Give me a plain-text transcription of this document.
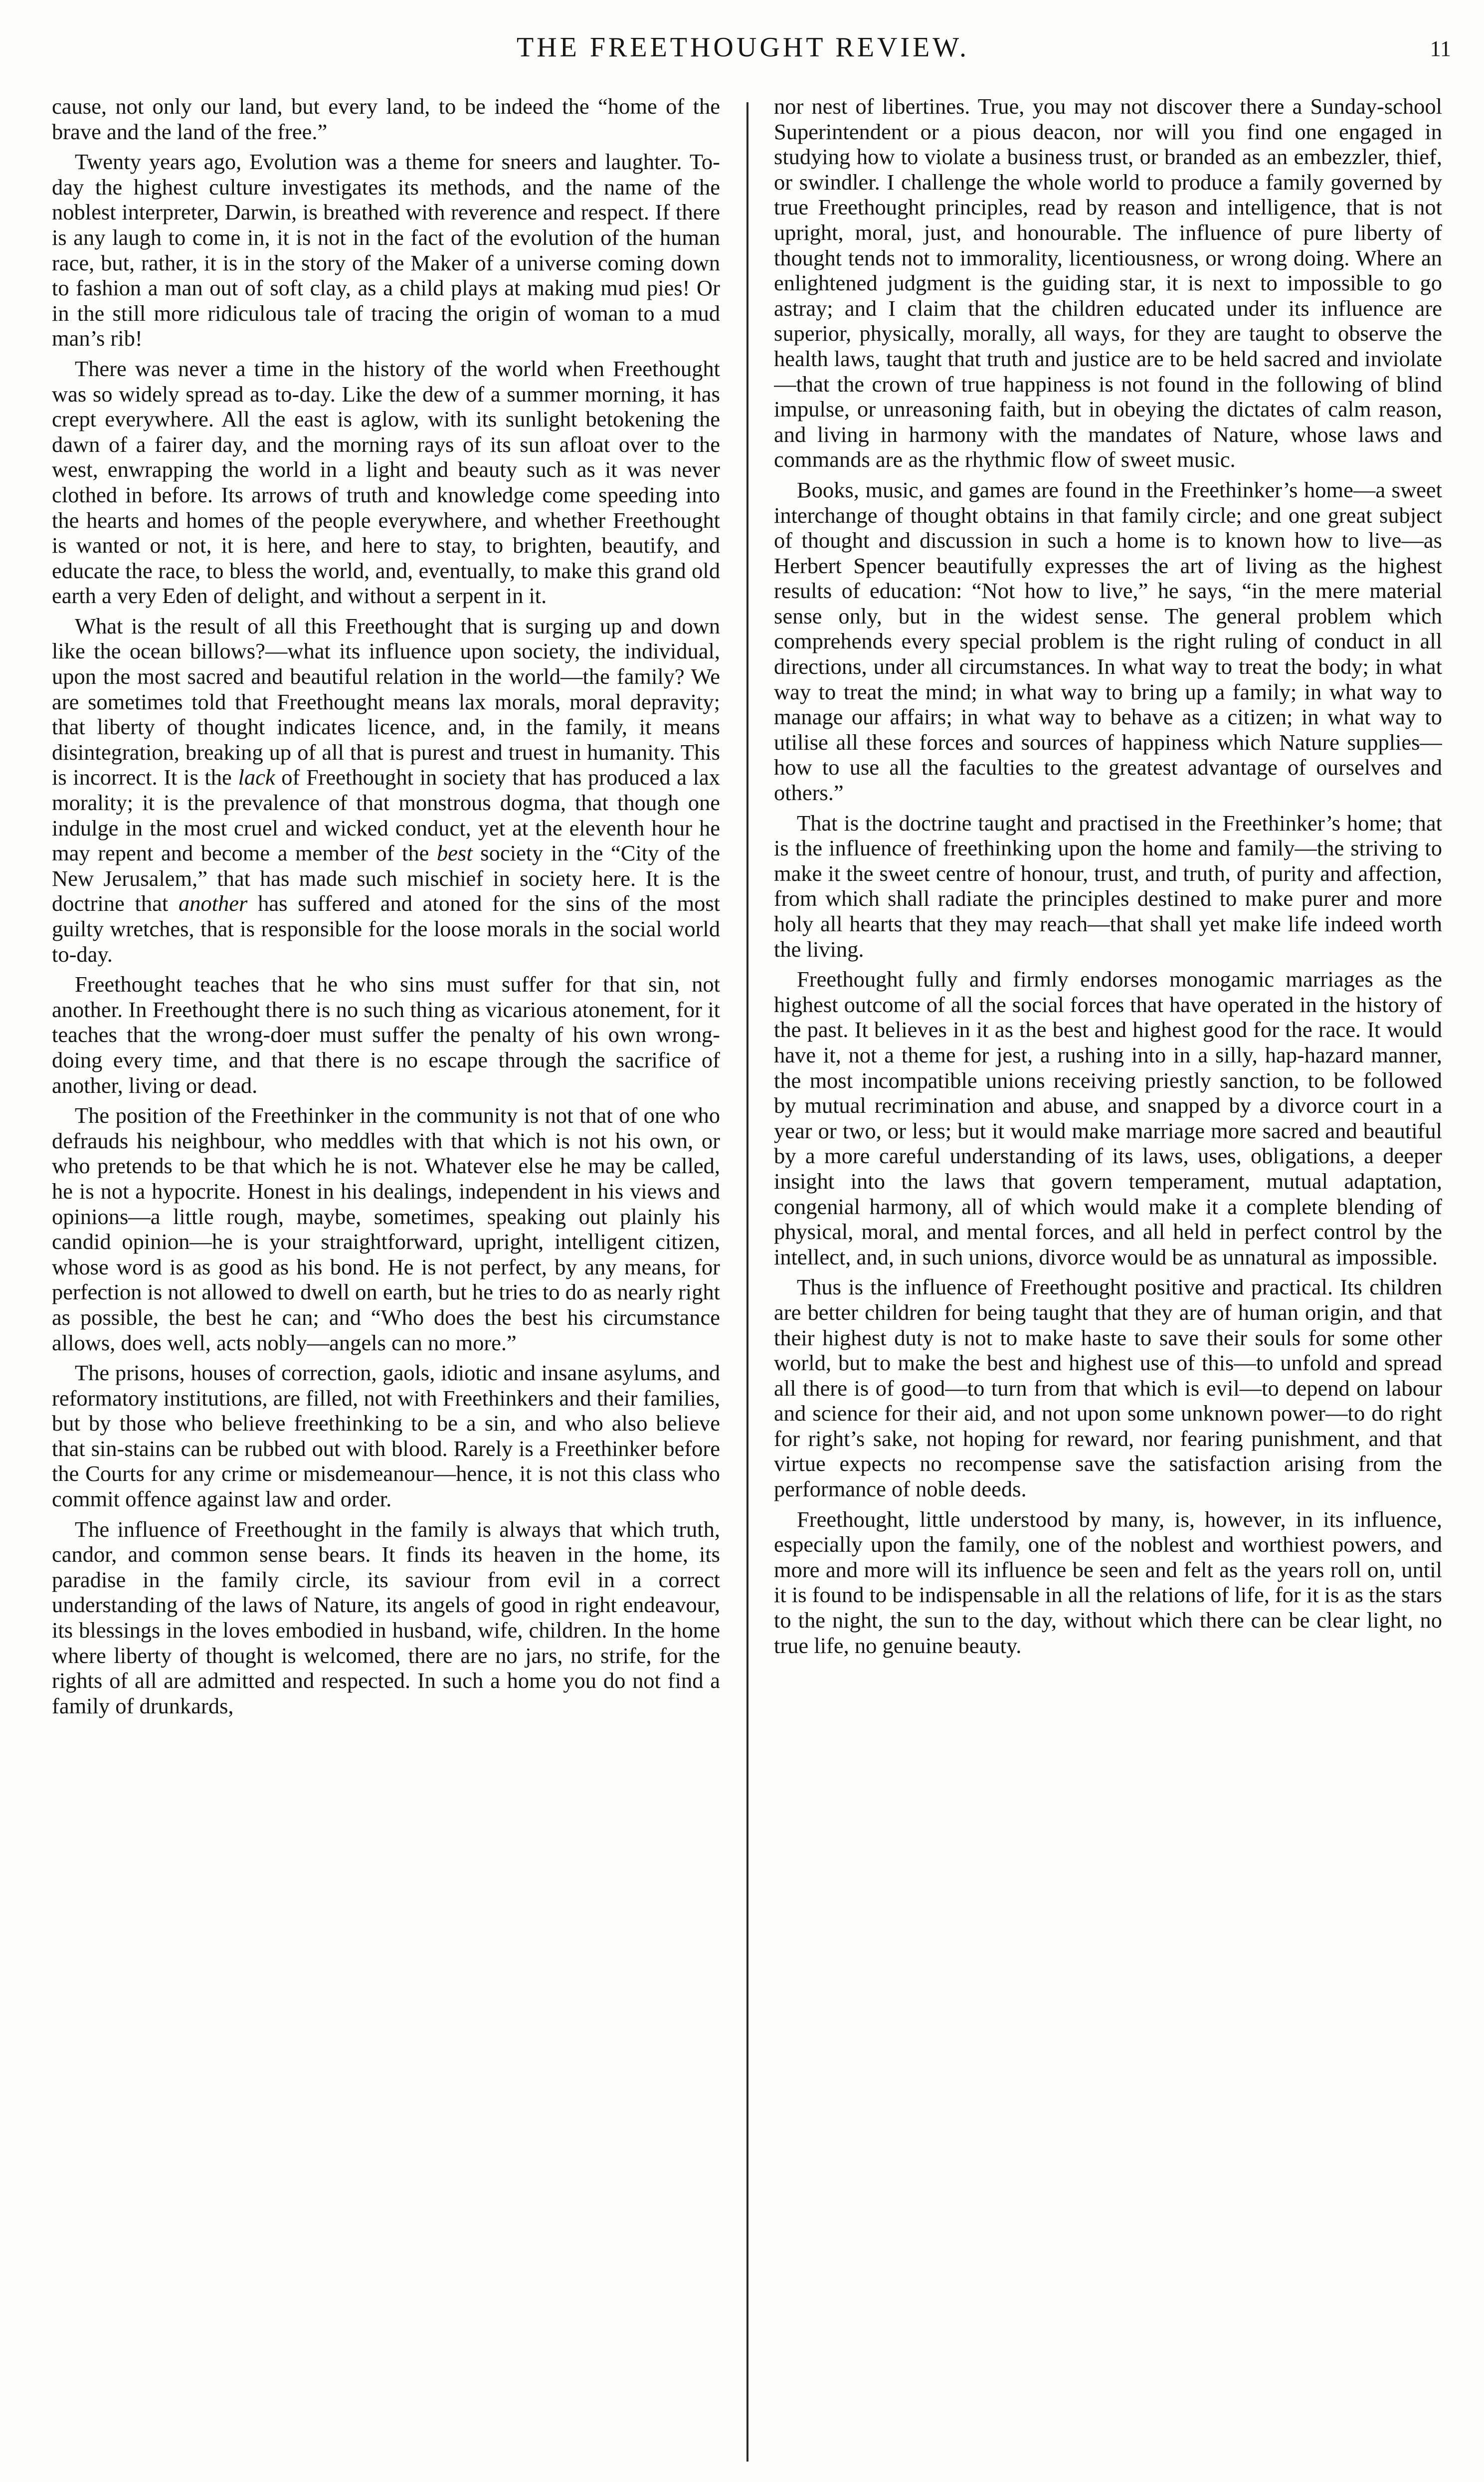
THE FREETHOUGHT REVIEW.	11

cause, not only our land, but every land, to be indeed the “home of the brave and the land of the free.”

Twenty years ago, Evolution was a theme for sneers and laughter. To-day the highest culture investigates its methods, and the name of the noblest interpreter, Darwin, is breathed with reverence and respect. If there is any laugh to come in, it is not in the fact of the evolution of the human race, but, rather, it is in the story of the Maker of a universe coming down to fashion a man out of soft clay, as a child plays at making mud pies! Or in the still more ridiculous tale of tracing the origin of woman to a mud man’s rib!

There was never a time in the history of the world when Freethought was so widely spread as to-day. Like the dew of a summer morning, it has crept everywhere. All the east is aglow, with its sunlight betokening the dawn of a fairer day, and the morning rays of its sun afloat over to the west, enwrapping the world in a light and beauty such as it was never clothed in before. Its arrows of truth and knowledge come speeding into the hearts and homes of the people everywhere, and whether Freethought is wanted or not, it is here, and here to stay, to brighten, beautify, and educate the race, to bless the world, and, eventually, to make this grand old earth a very Eden of delight, and without a serpent in it.

What is the result of all this Freethought that is surging up and down like the ocean billows?—what its influence upon society, the individual, upon the most sacred and beautiful relation in the world—the family? We are sometimes told that Freethought means lax morals, moral depravity; that liberty of thought indicates licence, and, in the family, it means disintegration, breaking up of all that is purest and truest in humanity. This is incorrect. It is the lack of Freethought in society that has produced a lax morality; it is the prevalence of that monstrous dogma, that though one indulge in the most cruel and wicked conduct, yet at the eleventh hour he may repent and become a member of the best society in the “City of the New Jerusalem,” that has made such mischief in society here. It is the doctrine that another has suffered and atoned for the sins of the most guilty wretches, that is responsible for the loose morals in the social world to-day.

Freethought teaches that he who sins must suffer for that sin, not another. In Freethought there is no such thing as vicarious atonement, for it teaches that the wrong-doer must suffer the penalty of his own wrong-doing every time, and that there is no escape through the sacrifice of another, living or dead.

The position of the Freethinker in the community is not that of one who defrauds his neighbour, who meddles with that which is not his own, or who pretends to be that which he is not. Whatever else he may be called, he is not a hypocrite. Honest in his dealings, independent in his views and opinions—a little rough, maybe, sometimes, speaking out plainly his candid opinion—he is your straightforward, upright, intelligent citizen, whose word is as good as his bond. He is not perfect, by any means, for perfection is not allowed to dwell on earth, but he tries to do as nearly right as possible, the best he can; and “Who does the best his circumstance allows, does well, acts nobly—angels can no more.”

The prisons, houses of correction, gaols, idiotic and insane asylums, and reformatory institutions, are filled, not with Freethinkers and their families, but by those who believe freethinking to be a sin, and who also believe that sin-stains can be rubbed out with blood. Rarely is a Freethinker before the Courts for any crime or misdemeanour—hence, it is not this class who commit offence against law and order.

The influence of Freethought in the family is always that which truth, candor, and common sense bears. It finds its heaven in the home, its paradise in the family circle, its saviour from evil in a correct understanding of the laws of Nature, its angels of good in right endeavour, its blessings in the loves embodied in husband, wife, children. In the home where liberty of thought is welcomed, there are no jars, no strife, for the rights of all are admitted and respected. In such a home you do not find a family of drunkards,

nor nest of libertines. True, you may not discover there a Sunday-school Superintendent or a pious deacon, nor will you find one engaged in studying how to violate a business trust, or branded as an embezzler, thief, or swindler. I challenge the whole world to produce a family governed by true Freethought principles, read by reason and intelligence, that is not upright, moral, just, and honourable. The influence of pure liberty of thought tends not to immorality, licentiousness, or wrong doing. Where an enlightened judgment is the guiding star, it is next to impossible to go astray; and I claim that the children educated under its influence are superior, physically, morally, all ways, for they are taught to observe the health laws, taught that truth and justice are to be held sacred and inviolate—that the crown of true happiness is not found in the following of blind impulse, or unreasoning faith, but in obeying the dictates of calm reason, and living in harmony with the mandates of Nature, whose laws and commands are as the rhythmic flow of sweet music.

Books, music, and games are found in the Freethinker’s home—a sweet interchange of thought obtains in that family circle; and one great subject of thought and discussion in such a home is to known how to live—as Herbert Spencer beautifully expresses the art of living as the highest results of education: “Not how to live,” he says, “in the mere material sense only, but in the widest sense. The general problem which comprehends every special problem is the right ruling of conduct in all directions, under all circumstances. In what way to treat the body; in what way to treat the mind; in what way to bring up a family; in what way to manage our affairs; in what way to behave as a citizen; in what way to utilise all these forces and sources of happiness which Nature supplies—how to use all the faculties to the greatest advantage of ourselves and others.”

That is the doctrine taught and practised in the Freethinker’s home; that is the influence of freethinking upon the home and family—the striving to make it the sweet centre of honour, trust, and truth, of purity and affection, from which shall radiate the principles destined to make purer and more holy all hearts that they may reach—that shall yet make life indeed worth the living.

Freethought fully and firmly endorses monogamic marriages as the highest outcome of all the social forces that have operated in the history of the past. It believes in it as the best and highest good for the race. It would have it, not a theme for jest, a rushing into in a silly, hap-hazard manner, the most incompatible unions receiving priestly sanction, to be followed by mutual recrimination and abuse, and snapped by a divorce court in a year or two, or less; but it would make marriage more sacred and beautiful by a more careful understanding of its laws, uses, obligations, a deeper insight into the laws that govern temperament, mutual adaptation, congenial harmony, all of which would make it a complete blending of physical, moral, and mental forces, and all held in perfect control by the intellect, and, in such unions, divorce would be as unnatural as impossible.

Thus is the influence of Freethought positive and practical. Its children are better children for being taught that they are of human origin, and that their highest duty is not to make haste to save their souls for some other world, but to make the best and highest use of this—to unfold and spread all there is of good—to turn from that which is evil—to depend on labour and science for their aid, and not upon some unknown power—to do right for right’s sake, not hoping for reward, nor fearing punishment, and that virtue expects no recompense save the satisfaction arising from the performance of noble deeds.

Freethought, little understood by many, is, however, in its influence, especially upon the family, one of the noblest and worthiest powers, and more and more will its influence be seen and felt as the years roll on, until it is found to be indispensable in all the relations of life, for it is as the stars to the night, the sun to the day, without which there can be clear light, no true life, no genuine beauty.
